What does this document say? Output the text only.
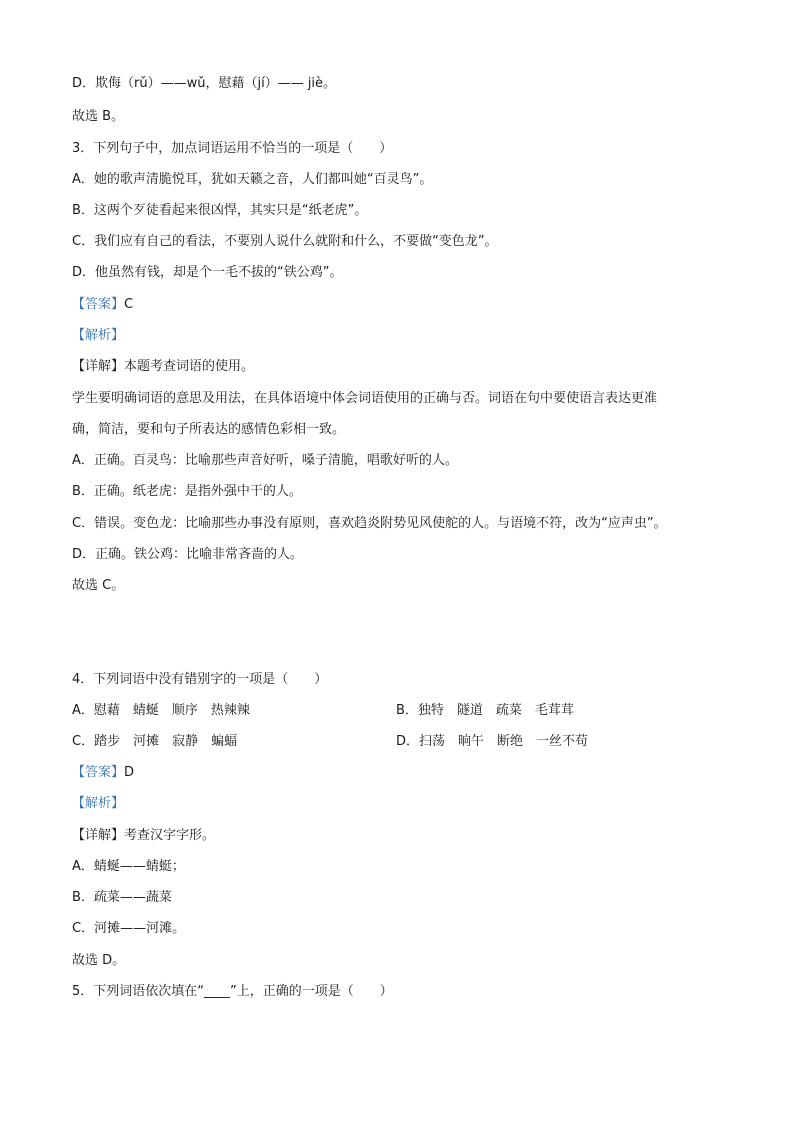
D．欺侮（rǔ）——wǔ，慰藉（jí）—— jiè。
故选 B。
3．下列句子中，加点词语运用不恰当的一项是（　　）
A．她的歌声清脆悦耳，犹如天籁之音，人们都叫她“百灵鸟”。
B．这两个歹徒看起来很凶悍，其实只是“纸老虎”。
C．我们应有自己的看法，不要别人说什么就附和什么，不要做“变色龙”。
D．他虽然有钱，却是个一毛不拔的“铁公鸡”。
【答案】C
【解析】
【详解】本题考查词语的使用。
学生要明确词语的意思及用法，在具体语境中体会词语使用的正确与否。词语在句中要使语言表达更准
确，简洁，要和句子所表达的感情色彩相一致。
A．正确。百灵鸟：比喻那些声音好听，嗓子清脆，唱歌好听的人。
B．正确。纸老虎：是指外强中干的人。
C．错误。变色龙：比喻那些办事没有原则，喜欢趋炎附势见风使舵的人。与语境不符，改为“应声虫”。
D．正确。铁公鸡：比喻非常吝啬的人。
故选 C。
4．下列词语中没有错别字的一项是（　　）
A．慰藉　蜻蜒　顺序　热辣辣	B．独特　隧道　疏菜　毛茸茸
C．踏步　河摊　寂静　蝙蝠	D．扫荡　晌午　断绝　一丝不苟
【答案】D
【解析】
【详解】考查汉字字形。
A．蜻蜒——蜻蜓；
B．疏菜——蔬菜
C．河摊——河滩。
故选 D。
5．下列词语依次填在“____”上，正确的一项是（　　）
